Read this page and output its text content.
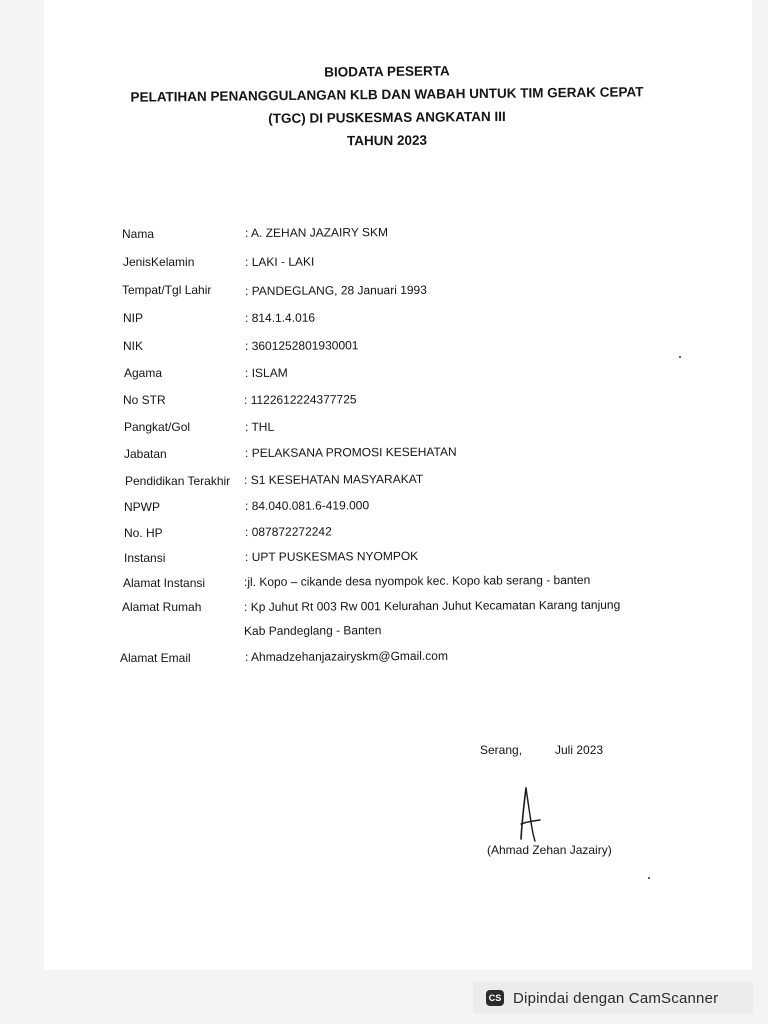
BIODATA PESERTA
PELATIHAN PENANGGULANGAN KLB DAN WABAH UNTUK TIM GERAK CEPAT
(TGC) DI PUSKESMAS ANGKATAN III
TAHUN 2023
Nama	: A. ZEHAN JAZAIRY SKM
JenisKelamin	: LAKI - LAKI
Tempat/Tgl Lahir	: PANDEGLANG, 28 Januari 1993
NIP	: 814.1.4.016
NIK	: 3601252801930001
Agama	: ISLAM
No STR	: 1122612224377725
Pangkat/Gol	: THL
Jabatan	: PELAKSANA PROMOSI KESEHATAN
Pendidikan Terakhir : S1 KESEHATAN MASYARAKAT
NPWP	: 84.040.081.6-419.000
No. HP	: 087872272242
Instansi	: UPT PUSKESMAS NYOMPOK
Alamat Instansi	:jl. Kopo – cikande desa nyompok kec. Kopo kab serang - banten
Alamat Rumah	: Kp Juhut Rt 003 Rw 001 Kelurahan Juhut Kecamatan Karang tanjung
Kab Pandeglang - Banten
Alamat Email	: Ahmadzehanjazairyskm@Gmail.com
Serang,	Juli 2023
(Ahmad Zehan Jazairy)
CS Dipindai dengan CamScanner
